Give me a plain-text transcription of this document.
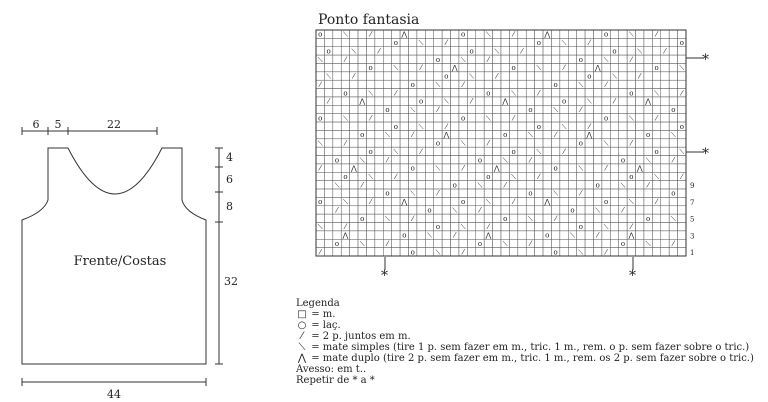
6 5	22
Frente/Costas
4
6
8
32
44
Ponto fantasia
o	⟍	⁄	⋀	o	⟍	⁄	⋀	o	⟍	⁄
o	⟍	⁄	o	⟍	⁄	o
o	⟍	⁄	o	⟍	⁄	o	⟍	⁄
⟍	⁄	o	⟍	⁄	o	⟍	⁄
o	⟍	⁄	⋀	o	⟍	⁄	⋀	o	⟍
⟍	⁄	o	⟍	⁄	o	⟍	⁄
⁄	o	⟍	⁄	o	⟍	⁄
o	⟍	⁄	o	⟍	⁄	o	⟍	⁄
⁄	⋀	o	⟍	⁄	⋀	o	⟍	⁄	⋀
o	⟍	⁄	o	⟍	⁄	o
o	⟍	⁄	o	⟍	⁄	o	⟍	⁄
o	⟍	⁄	o	⟍	⁄	o
o	⟍	⁄	⋀	o	⟍	⁄	⋀	o	⟍
⟍	⁄	o	⟍	⁄	o	⟍	⁄
o	⟍	⁄	o	⟍	⁄	o	⟍
o	⟍	⁄	o	⟍	⁄	o	⟍	⁄
⁄	⋀	o	⟍	⁄	⋀	o	⟍	⁄	⋀
o	⟍	⁄	o	⟍	⁄	o	⟍	⁄
⟍	⁄	o	⟍	⁄	o	⟍	⁄
o	⟍	⁄	o	⟍	⁄	o
o	⟍	⁄	⋀	o	⟍	⁄	⋀	o	⟍	⁄
⁄	o	⟍	⁄	o	⟍	⁄
o	⟍	⁄	o	⟍	⁄	o	⟍
⟍	⁄	o	⟍	⁄	o	⟍	⁄
⋀	o	⟍	⁄	⋀	o	⟍	⁄	⋀
o	⟍	⁄	o	⟍	⁄	o	⟍	⁄
⁄	o	⟍	⁄	o	⟍	⁄
9
7
5
3
1
*
*
*	*
Legenda
□ = m.
○ = laç.
⁄ = 2 p. juntos em m.
⟍ = mate simples (tire 1 p. sem fazer em m., tric. 1 m., rem. o p. sem fazer sobre o tric.)
⋀ = mate duplo (tire 2 p. sem fazer em m., tric. 1 m., rem. os 2 p. sem fazer sobre o tric.)
Avesso: em t..
Repetir de * a *
